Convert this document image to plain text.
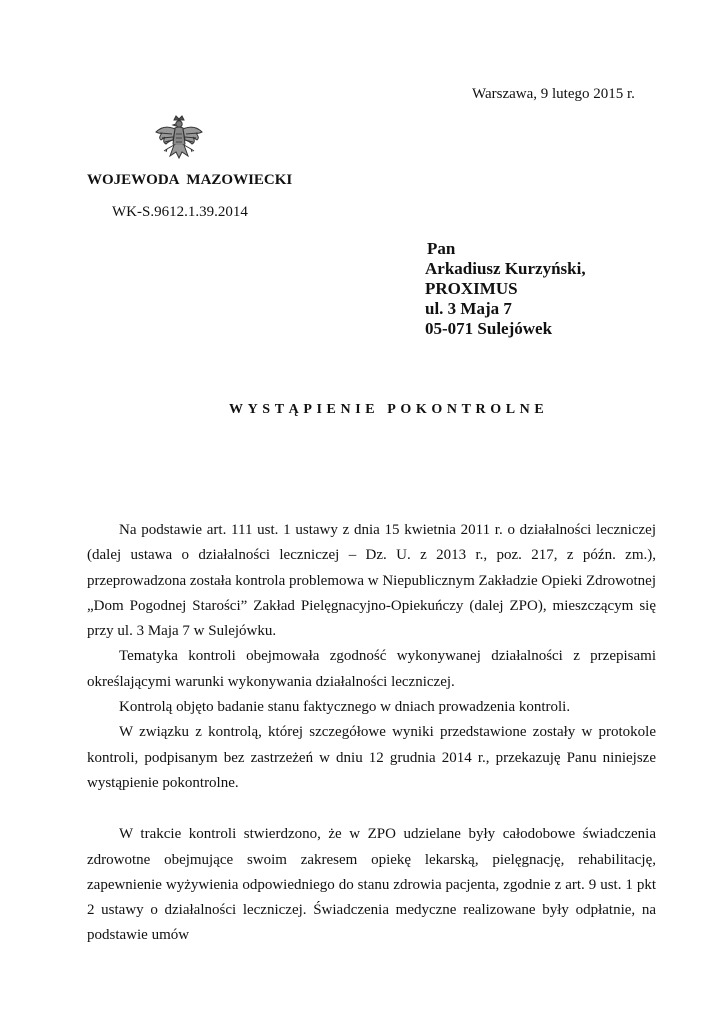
Warszawa, 9 lutego 2015 r.
WOJEWODA MAZOWIECKI
WK-S.9612.1.39.2014
Pan
Arkadiusz Kurzyński,
PROXIMUS
ul. 3 Maja 7
05-071 Sulejówek
WYSTĄPIENIE POKONTROLNE

Na podstawie art. 111 ust. 1 ustawy z dnia 15 kwietnia 2011 r. o działalności leczniczej (dalej ustawa o działalności leczniczej – Dz. U. z 2013 r., poz. 217, z późn. zm.), przeprowadzona została kontrola problemowa w Niepublicznym Zakładzie Opieki Zdrowotnej „Dom Pogodnej Starości” Zakład Pielęgnacyjno-Opiekuńczy (dalej ZPO), mieszczącym się przy ul. 3 Maja 7 w Sulejówku.

Tematyka kontroli obejmowała zgodność wykonywanej działalności z przepisami określającymi warunki wykonywania działalności leczniczej.

Kontrolą objęto badanie stanu faktycznego w dniach prowadzenia kontroli.

W związku z kontrolą, której szczegółowe wyniki przedstawione zostały w protokole kontroli, podpisanym bez zastrzeżeń w dniu 12 grudnia 2014 r., przekazuję Panu niniejsze wystąpienie pokontrolne.

W trakcie kontroli stwierdzono, że w ZPO udzielane były całodobowe świadczenia zdrowotne obejmujące swoim zakresem opiekę lekarską, pielęgnację, rehabilitację, zapewnienie wyżywienia odpowiedniego do stanu zdrowia pacjenta, zgodnie z art. 9 ust. 1 pkt 2 ustawy o działalności leczniczej. Świadczenia medyczne realizowane były odpłatnie, na podstawie umów
